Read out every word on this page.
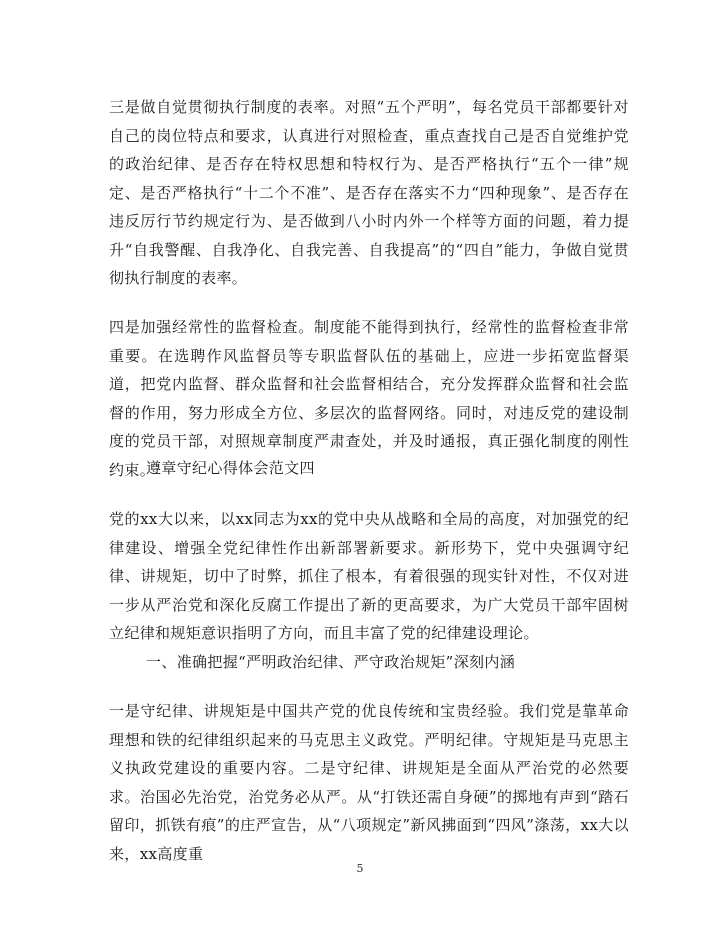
三是做自觉贯彻执行制度的表率。对照“五个严明”，每名党员干部都要针对自己的岗位特点和要求，认真进行对照检查，重点查找自己是否自觉维护党的政治纪律、是否存在特权思想和特权行为、是否严格执行“五个一律”规定、是否严格执行“十二个不准”、是否存在落实不力“四种现象”、是否存在违反厉行节约规定行为、是否做到八小时内外一个样等方面的问题，着力提升“自我警醒、自我净化、自我完善、自我提高”的“四自”能力，争做自觉贯彻执行制度的表率。

四是加强经常性的监督检查。制度能不能得到执行，经常性的监督检查非常重要。在选聘作风监督员等专职监督队伍的基础上，应进一步拓宽监督渠道，把党内监督、群众监督和社会监督相结合，充分发挥群众监督和社会监督的作用，努力形成全方位、多层次的监督网络。同时，对违反党的建设制度的党员干部，对照规章制度严肃查处，并及时通报，真正强化制度的刚性约束。

遵章守纪心得体会范文四

党的xx大以来，以xx同志为xx的党中央从战略和全局的高度，对加强党的纪律建设、增强全党纪律性作出新部署新要求。新形势下，党中央强调守纪律、讲规矩，切中了时弊，抓住了根本，有着很强的现实针对性，不仅对进一步从严治党和深化反腐工作提出了新的更高要求，为广大党员干部牢固树立纪律和规矩意识指明了方向，而且丰富了党的纪律建设理论。

一、准确把握“严明政治纪律、严守政治规矩”深刻内涵

一是守纪律、讲规矩是中国共产党的优良传统和宝贵经验。我们党是靠革命理想和铁的纪律组织起来的马克思主义政党。严明纪律。守规矩是马克思主义执政党建设的重要内容。二是守纪律、讲规矩是全面从严治党的必然要求。治国必先治党，治党务必从严。从“打铁还需自身硬”的掷地有声到“踏石留印，抓铁有痕”的庄严宣告，从“八项规定”新风拂面到“四风”涤荡，xx大以来，xx高度重

5
